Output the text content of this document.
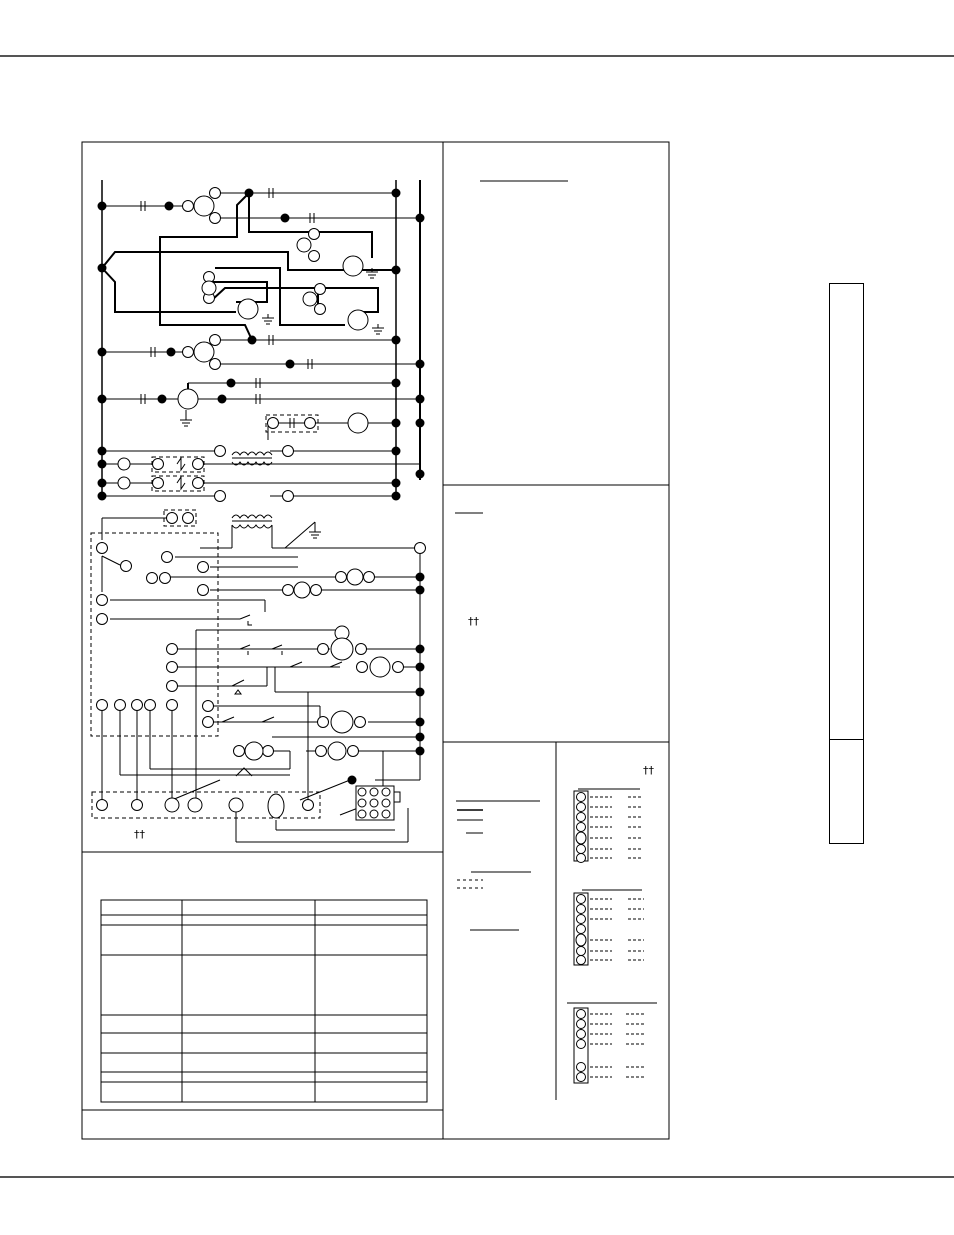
††
††
††
